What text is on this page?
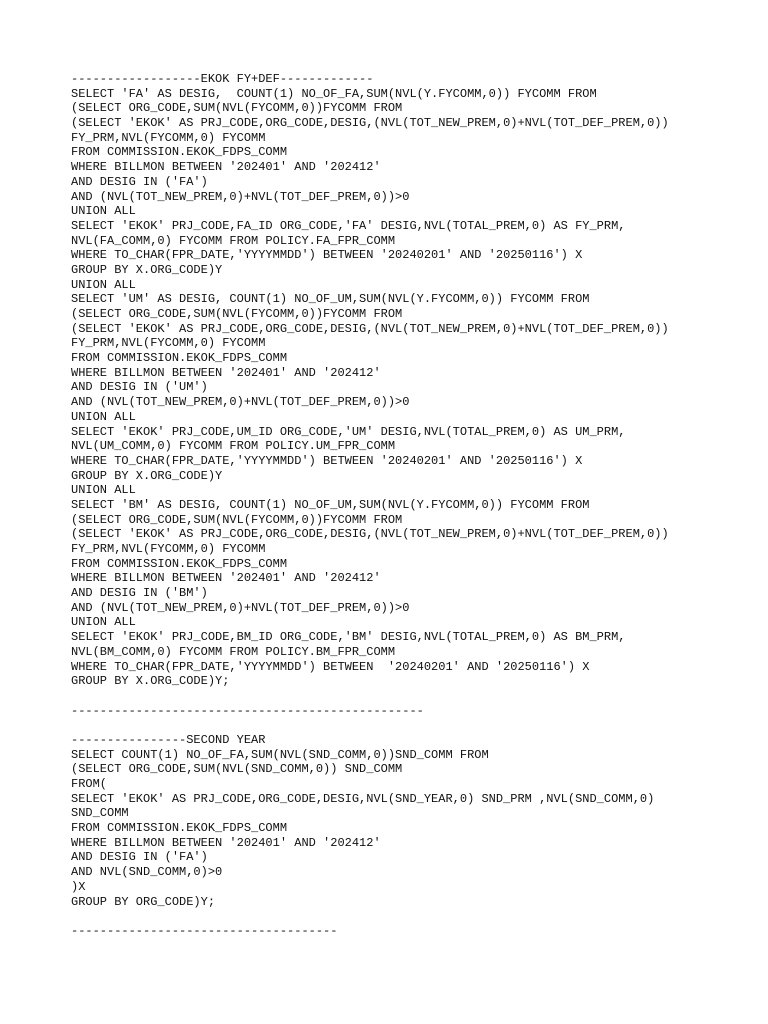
------------------EKOK FY+DEF-------------
SELECT 'FA' AS DESIG,  COUNT(1) NO_OF_FA,SUM(NVL(Y.FYCOMM,0)) FYCOMM FROM
(SELECT ORG_CODE,SUM(NVL(FYCOMM,0))FYCOMM FROM
(SELECT 'EKOK' AS PRJ_CODE,ORG_CODE,DESIG,(NVL(TOT_NEW_PREM,0)+NVL(TOT_DEF_PREM,0))
FY_PRM,NVL(FYCOMM,0) FYCOMM
FROM COMMISSION.EKOK_FDPS_COMM
WHERE BILLMON BETWEEN '202401' AND '202412'
AND DESIG IN ('FA')
AND (NVL(TOT_NEW_PREM,0)+NVL(TOT_DEF_PREM,0))>0
UNION ALL
SELECT 'EKOK' PRJ_CODE,FA_ID ORG_CODE,'FA' DESIG,NVL(TOTAL_PREM,0) AS FY_PRM,
NVL(FA_COMM,0) FYCOMM FROM POLICY.FA_FPR_COMM
WHERE TO_CHAR(FPR_DATE,'YYYYMMDD') BETWEEN '20240201' AND '20250116') X
GROUP BY X.ORG_CODE)Y
UNION ALL
SELECT 'UM' AS DESIG, COUNT(1) NO_OF_UM,SUM(NVL(Y.FYCOMM,0)) FYCOMM FROM
(SELECT ORG_CODE,SUM(NVL(FYCOMM,0))FYCOMM FROM
(SELECT 'EKOK' AS PRJ_CODE,ORG_CODE,DESIG,(NVL(TOT_NEW_PREM,0)+NVL(TOT_DEF_PREM,0))
FY_PRM,NVL(FYCOMM,0) FYCOMM
FROM COMMISSION.EKOK_FDPS_COMM
WHERE BILLMON BETWEEN '202401' AND '202412'
AND DESIG IN ('UM')
AND (NVL(TOT_NEW_PREM,0)+NVL(TOT_DEF_PREM,0))>0
UNION ALL
SELECT 'EKOK' PRJ_CODE,UM_ID ORG_CODE,'UM' DESIG,NVL(TOTAL_PREM,0) AS UM_PRM,
NVL(UM_COMM,0) FYCOMM FROM POLICY.UM_FPR_COMM
WHERE TO_CHAR(FPR_DATE,'YYYYMMDD') BETWEEN '20240201' AND '20250116') X
GROUP BY X.ORG_CODE)Y
UNION ALL
SELECT 'BM' AS DESIG, COUNT(1) NO_OF_UM,SUM(NVL(Y.FYCOMM,0)) FYCOMM FROM
(SELECT ORG_CODE,SUM(NVL(FYCOMM,0))FYCOMM FROM
(SELECT 'EKOK' AS PRJ_CODE,ORG_CODE,DESIG,(NVL(TOT_NEW_PREM,0)+NVL(TOT_DEF_PREM,0))
FY_PRM,NVL(FYCOMM,0) FYCOMM
FROM COMMISSION.EKOK_FDPS_COMM
WHERE BILLMON BETWEEN '202401' AND '202412'
AND DESIG IN ('BM')
AND (NVL(TOT_NEW_PREM,0)+NVL(TOT_DEF_PREM,0))>0
UNION ALL
SELECT 'EKOK' PRJ_CODE,BM_ID ORG_CODE,'BM' DESIG,NVL(TOTAL_PREM,0) AS BM_PRM,
NVL(BM_COMM,0) FYCOMM FROM POLICY.BM_FPR_COMM
WHERE TO_CHAR(FPR_DATE,'YYYYMMDD') BETWEEN  '20240201' AND '20250116') X
GROUP BY X.ORG_CODE)Y;
-------------------------------------------------
----------------SECOND YEAR
SELECT COUNT(1) NO_OF_FA,SUM(NVL(SND_COMM,0))SND_COMM FROM
(SELECT ORG_CODE,SUM(NVL(SND_COMM,0)) SND_COMM
FROM(
SELECT 'EKOK' AS PRJ_CODE,ORG_CODE,DESIG,NVL(SND_YEAR,0) SND_PRM ,NVL(SND_COMM,0)
SND_COMM
FROM COMMISSION.EKOK_FDPS_COMM
WHERE BILLMON BETWEEN '202401' AND '202412'
AND DESIG IN ('FA')
AND NVL(SND_COMM,0)>0
)X
GROUP BY ORG_CODE)Y;
-------------------------------------
